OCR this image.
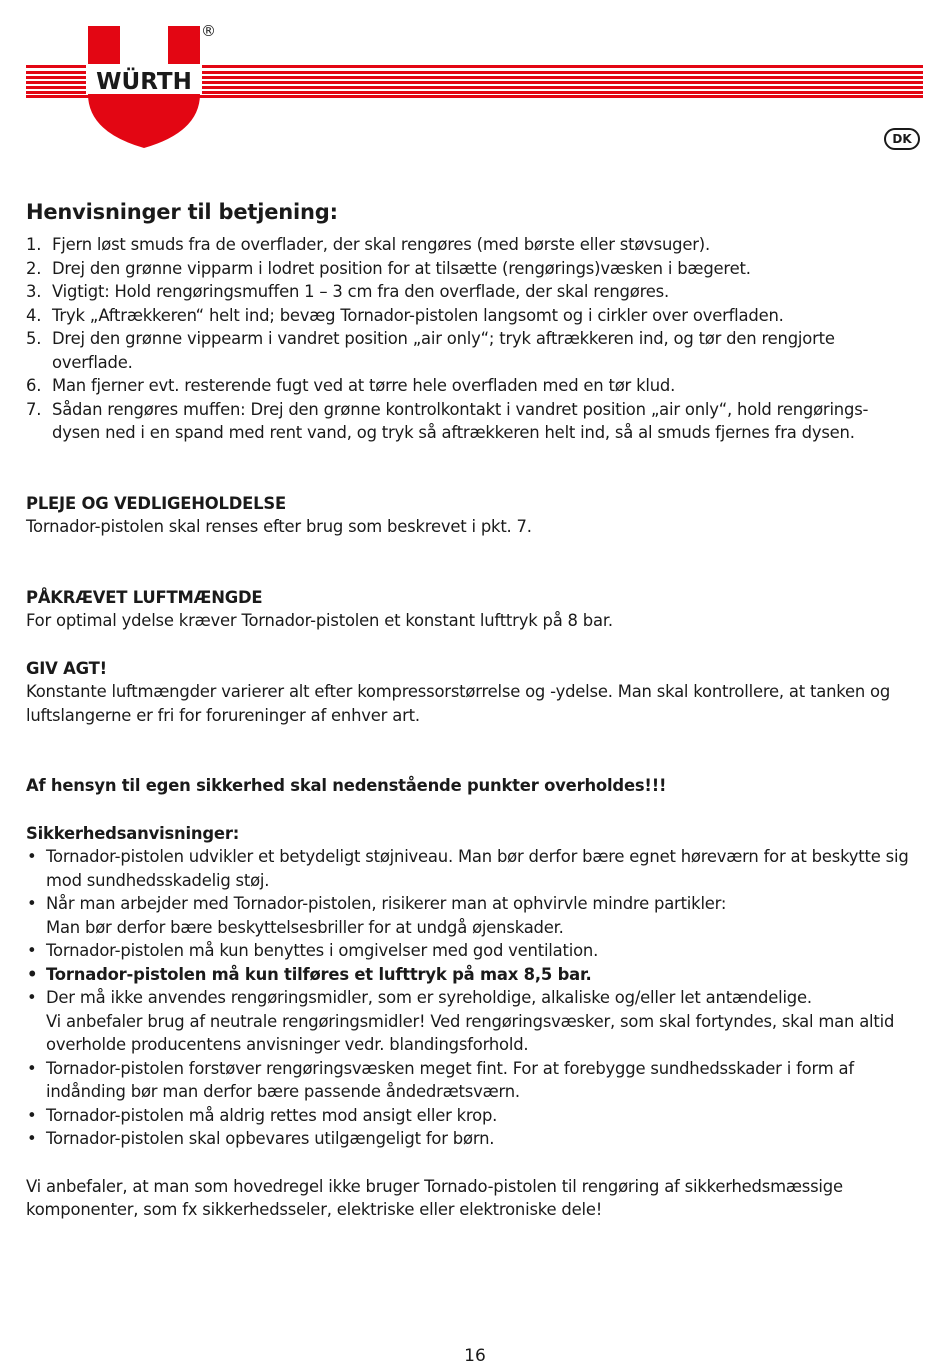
WÜRTH
®
DK
Henvisninger til betjening:
1. Fjern løst smuds fra de overflader, der skal rengøres (med børste eller støvsuger).
2. Drej den grønne vipparm i lodret position for at tilsætte (rengørings)væsken i bægeret.
3. Vigtigt: Hold rengøringsmuffen 1 – 3 cm fra den overflade, der skal rengøres.
4. Tryk „Aftrækkeren“ helt ind; bevæg Tornador-pistolen langsomt og i cirkler over overfladen.
5. Drej den grønne vippearm i vandret position „air only“; tryk aftrækkeren ind, og tør den rengjorte overflade.
6. Man fjerner evt. resterende fugt ved at tørre hele overfladen med en tør klud.
7. Sådan rengøres muffen: Drej den grønne kontrolkontakt i vandret position „air only“, hold rengørings-dysen ned i en spand med rent vand, og tryk så aftrækkeren helt ind, så al smuds fjernes fra dysen.
PLEJE OG VEDLIGEHOLDELSE

Tornador-pistolen skal renses efter brug som beskrevet i pkt. 7.

PÅKRÆVET LUFTMÆNGDE

For optimal ydelse kræver Tornador-pistolen et konstant lufttryk på 8 bar.

GIV AGT!

Konstante luftmængder varierer alt efter kompressorstørrelse og -ydelse. Man skal kontrollere, at tanken og luftslangerne er fri for forureninger af enhver art.

Af hensyn til egen sikkerhed skal nedenstående punkter overholdes!!!
Sikkerhedsanvisninger:
• Tornador-pistolen udvikler et betydeligt støjniveau. Man bør derfor bære egnet høreværn for at beskytte sig mod sundhedsskadelig støj.
• Når man arbejder med Tornador-pistolen, risikerer man at ophvirvle mindre partikler:
Man bør derfor bære beskyttelsesbriller for at undgå øjenskader.
• Tornador-pistolen må kun benyttes i omgivelser med god ventilation.
• Tornador-pistolen må kun tilføres et lufttryk på max 8,5 bar.
• Der må ikke anvendes rengøringsmidler, som er syreholdige, alkaliske og/eller let antændelige.
Vi anbefaler brug af neutrale rengøringsmidler! Ved rengøringsvæsker, som skal fortyndes, skal man altid overholde producentens anvisninger vedr. blandingsforhold.
• Tornador-pistolen forstøver rengøringsvæsken meget fint. For at forebygge sundhedsskader i form af indånding bør man derfor bære passende åndedrætsværn.
• Tornador-pistolen må aldrig rettes mod ansigt eller krop.
• Tornador-pistolen skal opbevares utilgængeligt for børn.

Vi anbefaler, at man som hovedregel ikke bruger Tornado-pistolen til rengøring af sikkerhedsmæssige komponenter, som fx sikkerhedsseler, elektriske eller elektroniske dele!

16
